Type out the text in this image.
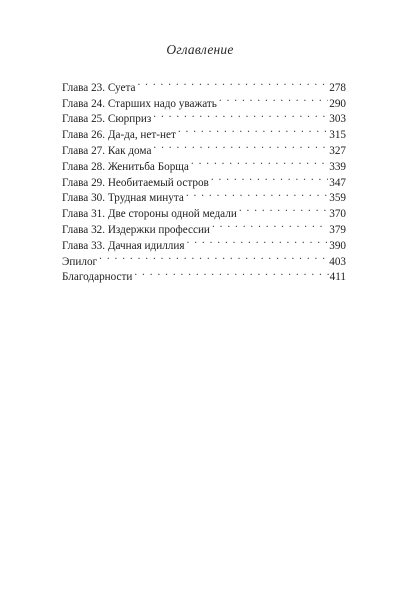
Оглавление
Глава 23. Суета . . .	278
Глава 24. Старших надо уважать . . .	290
Глава 25. Сюрприз . . .	303
Глава 26. Да-да, нет-нет . . .	315
Глава 27. Как дома . . .	327
Глава 28. Женитьба Борща . . .	339
Глава 29. Необитаемый остров . . .	347
Глава 30. Трудная минута . . .	359
Глава 31. Две стороны одной медали . . .	370
Глава 32. Издержки профессии . . .	379
Глава 33. Дачная идиллия . . .	390
Эпилог . . .	403
Благодарности . . .	411
